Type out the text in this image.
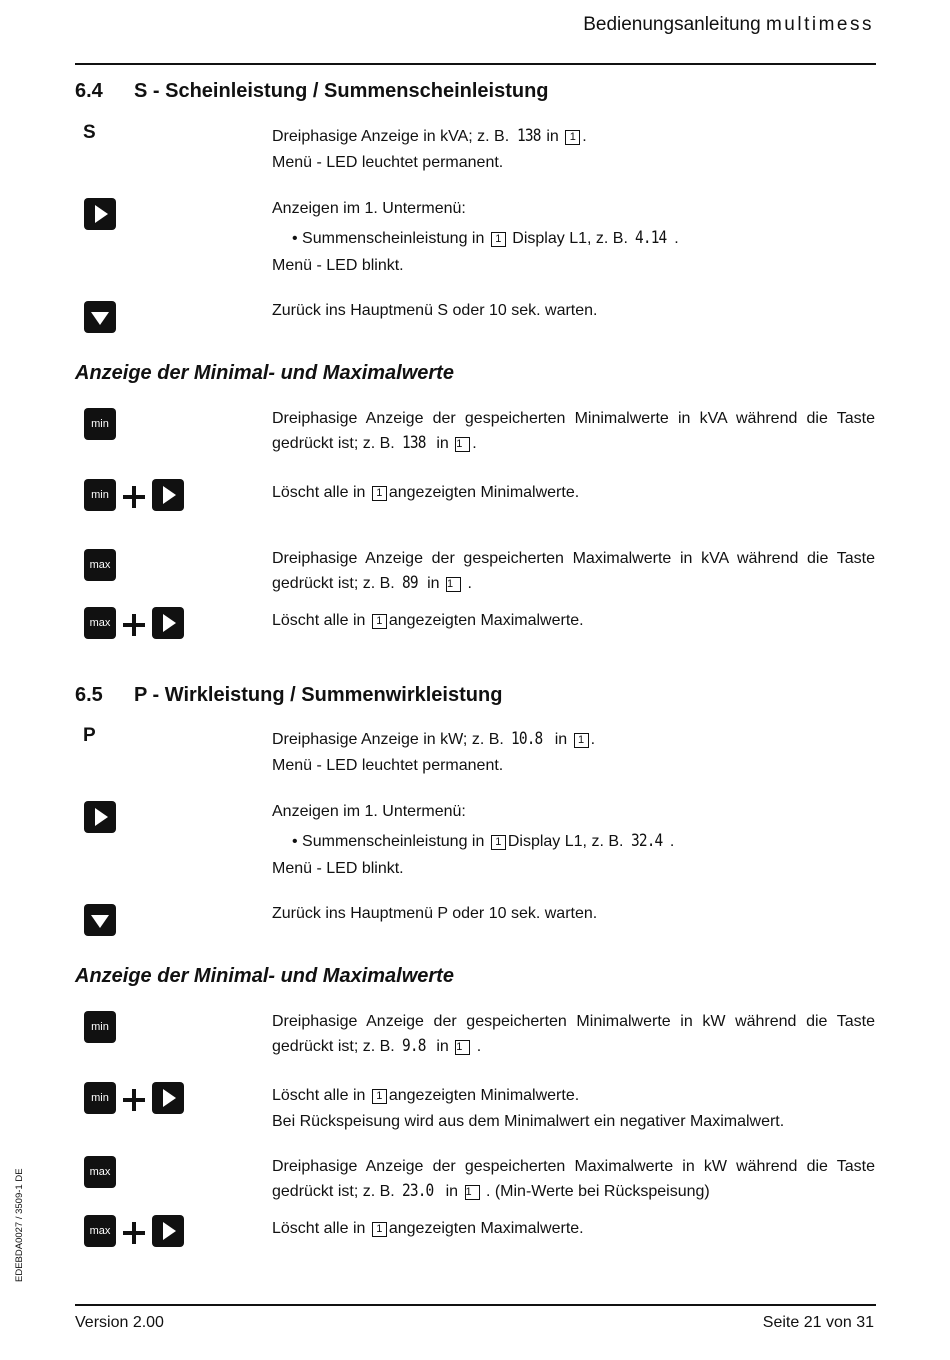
Bedienungsanleitung multimess
6.4 S - Scheinleistung / Summenscheinleistung
S	Dreiphasige Anzeige in kVA; z. B. 138 in 1 .
Menü - LED leuchtet permanent.
Anzeigen im 1. Untermenü:
• Summenscheinleistung in 1 Display L1, z. B. 4.14 .
Menü - LED blinkt.
Zurück ins Hauptmenü S oder 10 sek. warten.
Anzeige der Minimal- und Maximalwerte
min	Dreiphasige Anzeige der gespeicherten Minimalwerte in kVA während die Taste gedrückt ist; z. B. 138 in 1 .
min	Löscht alle in 1 angezeigten Minimalwerte.
max	Dreiphasige Anzeige der gespeicherten Maximalwerte in kVA während die Taste gedrückt ist; z. B. 89 in 1 .
max	Löscht alle in 1 angezeigten Maximalwerte.
6.5 P - Wirkleistung / Summenwirkleistung
P	Dreiphasige Anzeige in kW; z. B. 10.8 in 1 .
Menü - LED leuchtet permanent.
Anzeigen im 1. Untermenü:
• Summenscheinleistung in 1 Display L1, z. B. 32.4 .
Menü - LED blinkt.
Zurück ins Hauptmenü P oder 10 sek. warten.
Anzeige der Minimal- und Maximalwerte
min	Dreiphasige Anzeige der gespeicherten Minimalwerte in kW während die Taste gedrückt ist; z. B. 9.8 in 1 .
min	Löscht alle in 1 angezeigten Minimalwerte.
Bei Rückspeisung wird aus dem Minimalwert ein negativer Maximalwert.
max	Dreiphasige Anzeige der gespeicherten Maximalwerte in kW während die Taste gedrückt ist; z. B. 23.0 in 1 . (Min-Werte bei Rückspeisung)
max	Löscht alle in 1 angezeigten Maximalwerte.
EDEBDA0027 / 3509-1 DE
Version 2.00	Seite 21 von 31
